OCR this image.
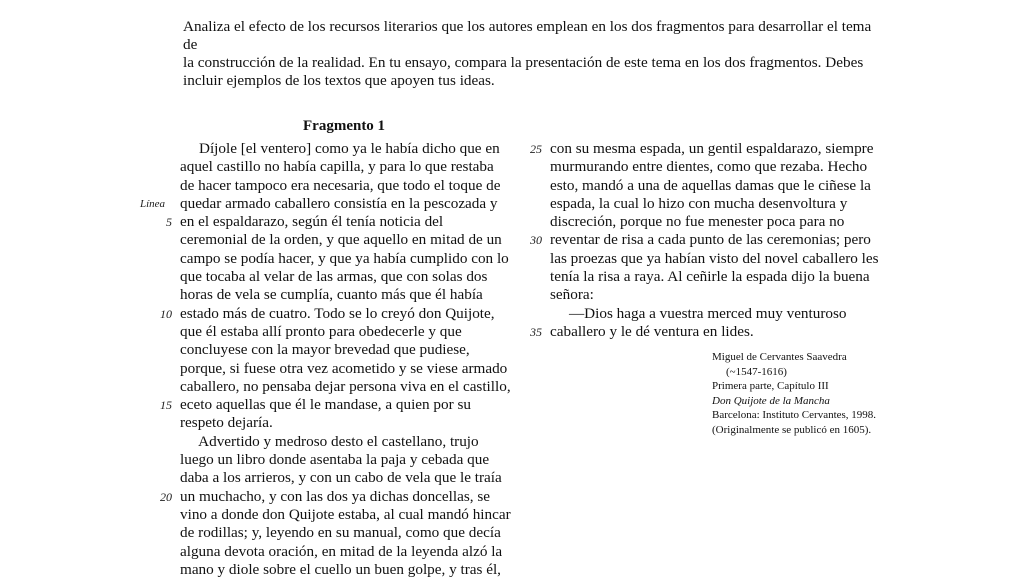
Analiza el efecto de los recursos literarios que los autores emplean en los dos fragmentos para desarrollar el tema de
la construcción de la realidad. En tu ensayo, compara la presentación de este tema en los dos fragmentos. Debes
incluir ejemplos de los textos que apoyen tus ideas.
Fragmento 1
Díjole [el ventero] como ya le había dicho que en
aquel castillo no había capilla, y para lo que restaba
de hacer tampoco era necesaria, que todo el toque de
Línea quedar armado caballero consistía en la pescozada y
5 en el espaldarazo, según él tenía noticia del
ceremonial de la orden, y que aquello en mitad de un
campo se podía hacer, y que ya había cumplido con lo
que tocaba al velar de las armas, que con solas dos
horas de vela se cumplía, cuanto más que él había
10 estado más de cuatro. Todo se lo creyó don Quijote,
que él estaba allí pronto para obedecerle y que
concluyese con la mayor brevedad que pudiese,
porque, si fuese otra vez acometido y se viese armado
caballero, no pensaba dejar persona viva en el castillo,
15 eceto aquellas que él le mandase, a quien por su
respeto dejaría.
Advertido y medroso desto el castellano, trujo
luego un libro donde asentaba la paja y cebada que
daba a los arrieros, y con un cabo de vela que le traía
20 un muchacho, y con las dos ya dichas doncellas, se
vino a donde don Quijote estaba, al cual mandó hincar
de rodillas; y, leyendo en su manual, como que decía
alguna devota oración, en mitad de la leyenda alzó la
mano y diole sobre el cuello un buen golpe, y tras él,
25 con su mesma espada, un gentil espaldarazo, siempre
murmurando entre dientes, como que rezaba. Hecho
esto, mandó a una de aquellas damas que le ciñese la
espada, la cual lo hizo con mucha desenvoltura y
discreción, porque no fue menester poca para no
30 reventar de risa a cada punto de las ceremonias; pero
las proezas que ya habían visto del novel caballero les
tenía la risa a raya. Al ceñirle la espada dijo la buena
señora:
—Dios haga a vuestra merced muy venturoso
35 caballero y le dé ventura en lides.
Miguel de Cervantes Saavedra
(~1547-1616)
Primera parte, Capítulo III
Don Quijote de la Mancha
Barcelona: Instituto Cervantes, 1998.
(Originalmente se publicó en 1605).
